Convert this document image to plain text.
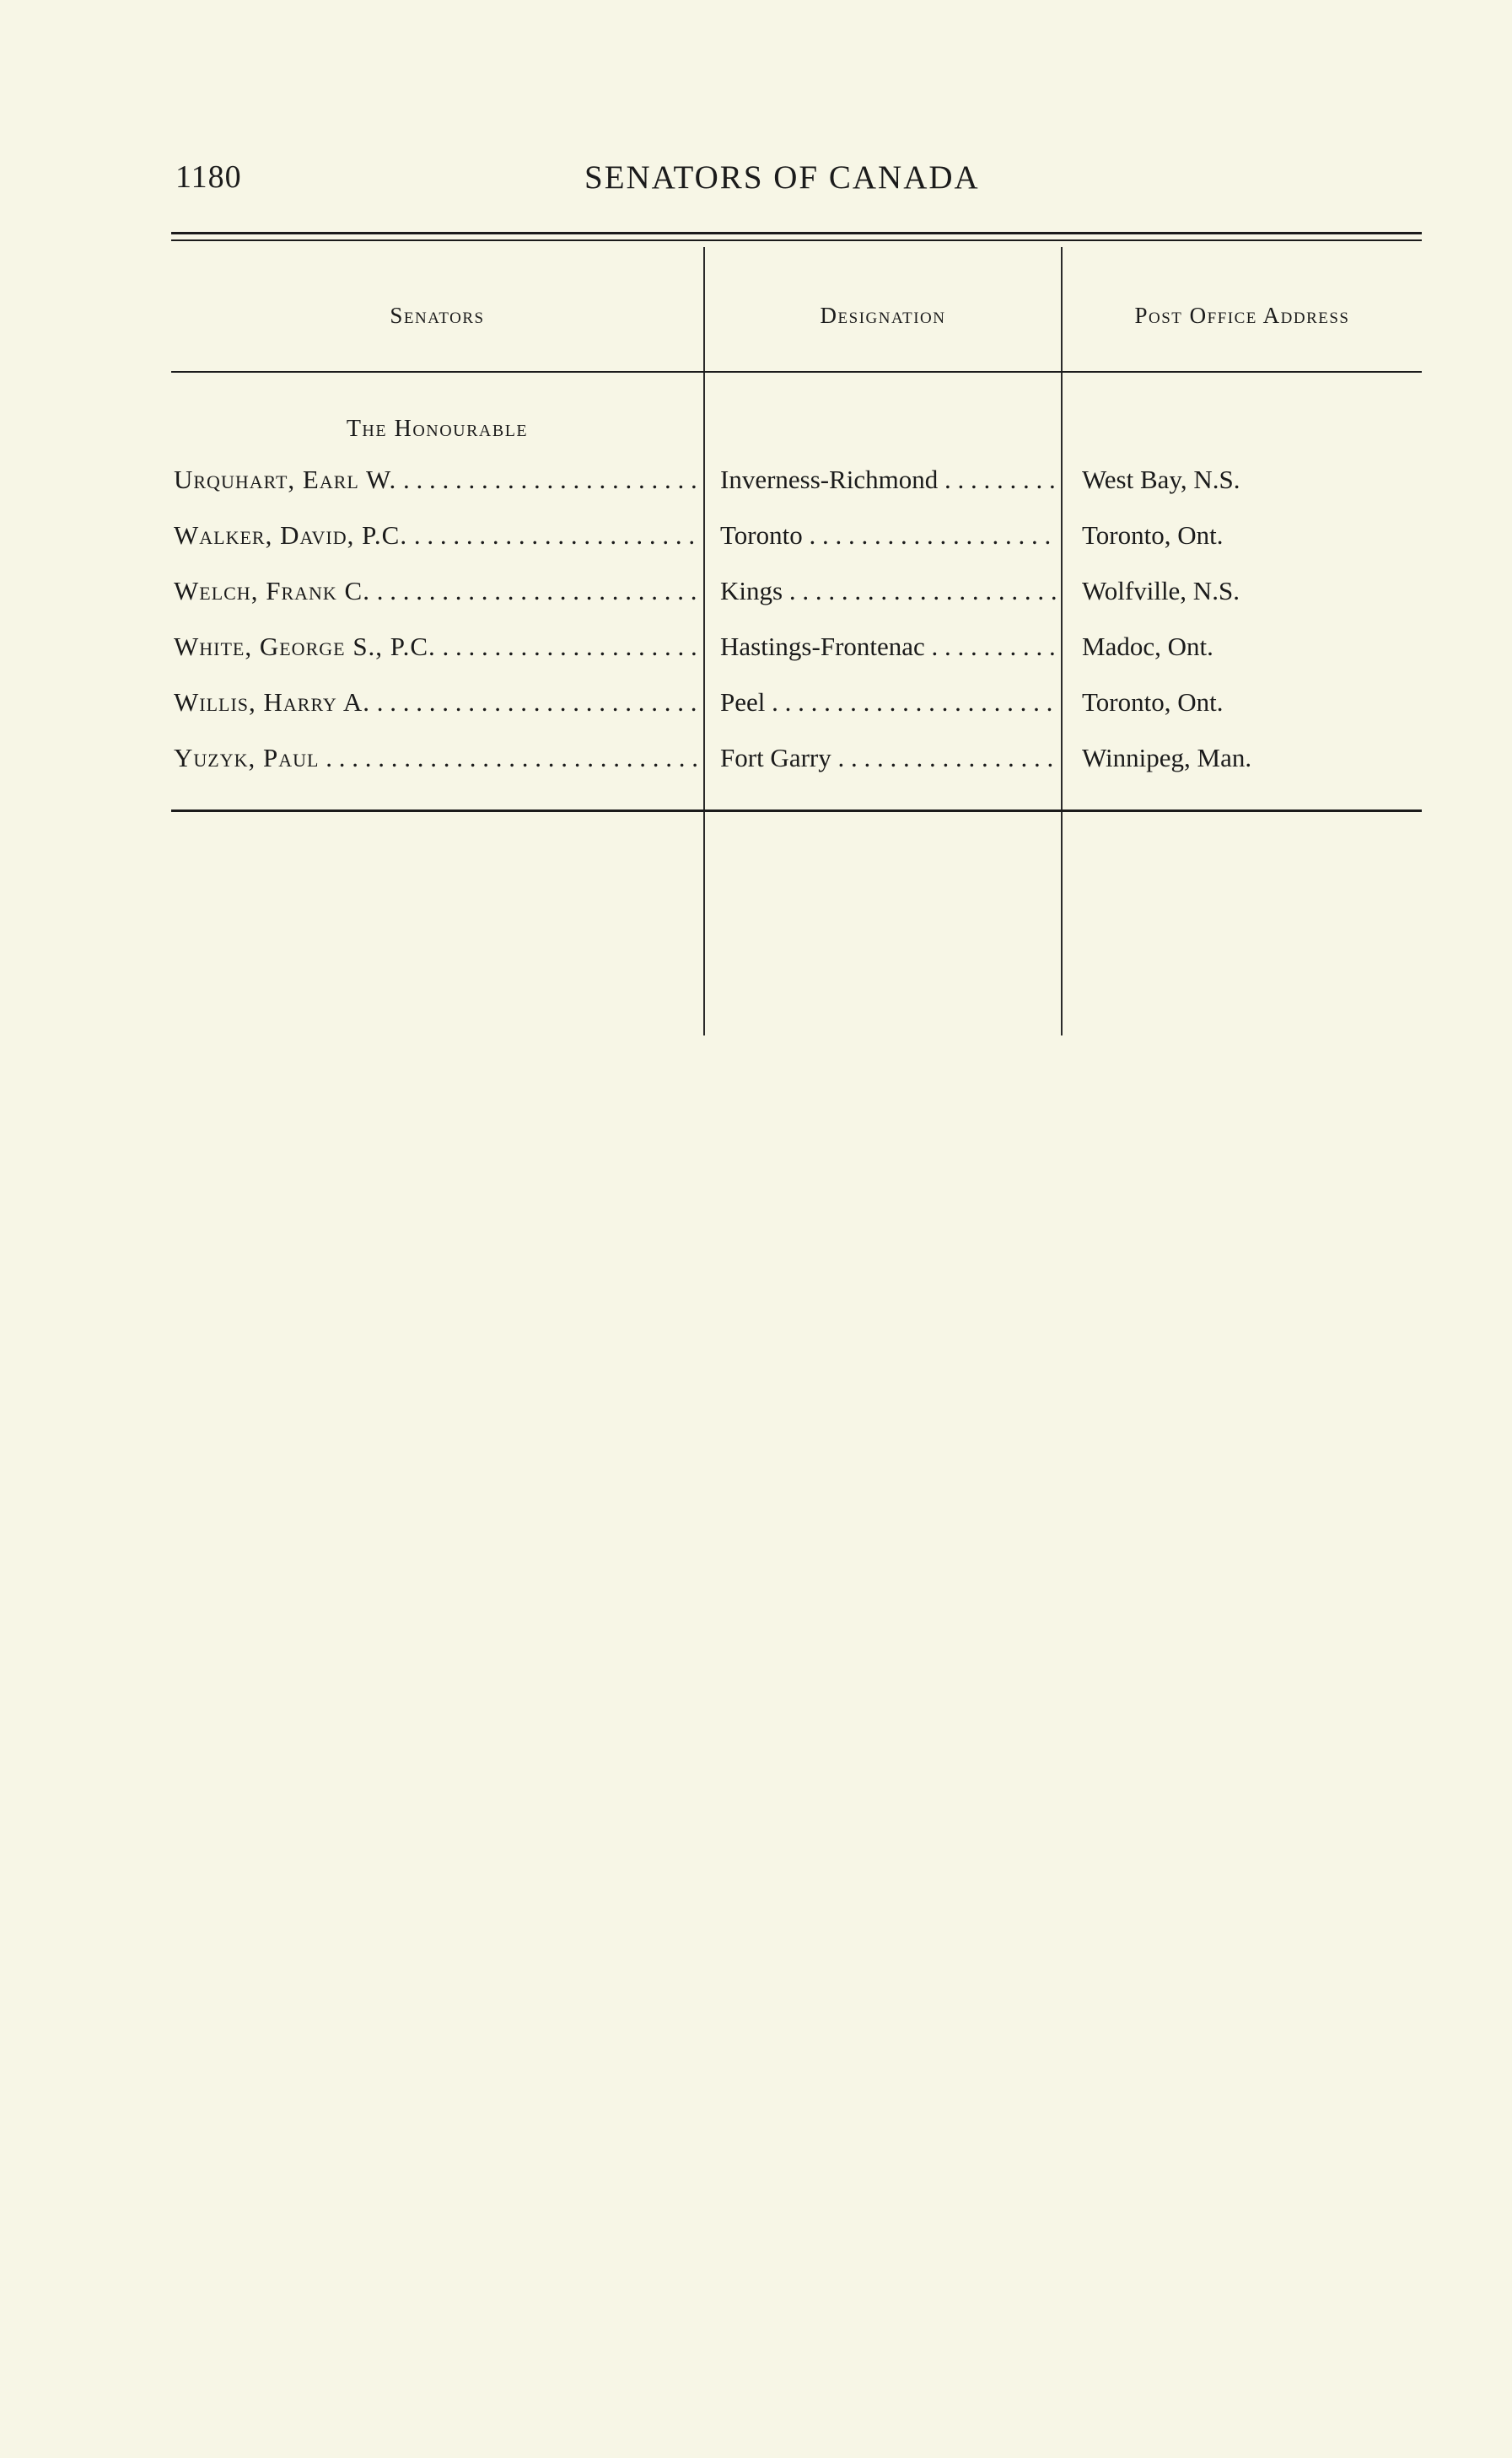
1180	SENATORS OF CANADA
Senators	Designation	Post Office Address
The Honourable
Urquhart, Earl W. . . .	Inverness-Richmond . . .	West Bay, N.S.
Walker, David, P.C. . . .	Toronto . . .	Toronto, Ont.
Welch, Frank C. . . .	Kings . . .	Wolfville, N.S.
White, George S., P.C. . . .	Hastings-Frontenac . . .	Madoc, Ont.
Willis, Harry A. . . .	Peel . . .	Toronto, Ont.
Yuzyk, Paul . . .	Fort Garry . . .	Winnipeg, Man.
